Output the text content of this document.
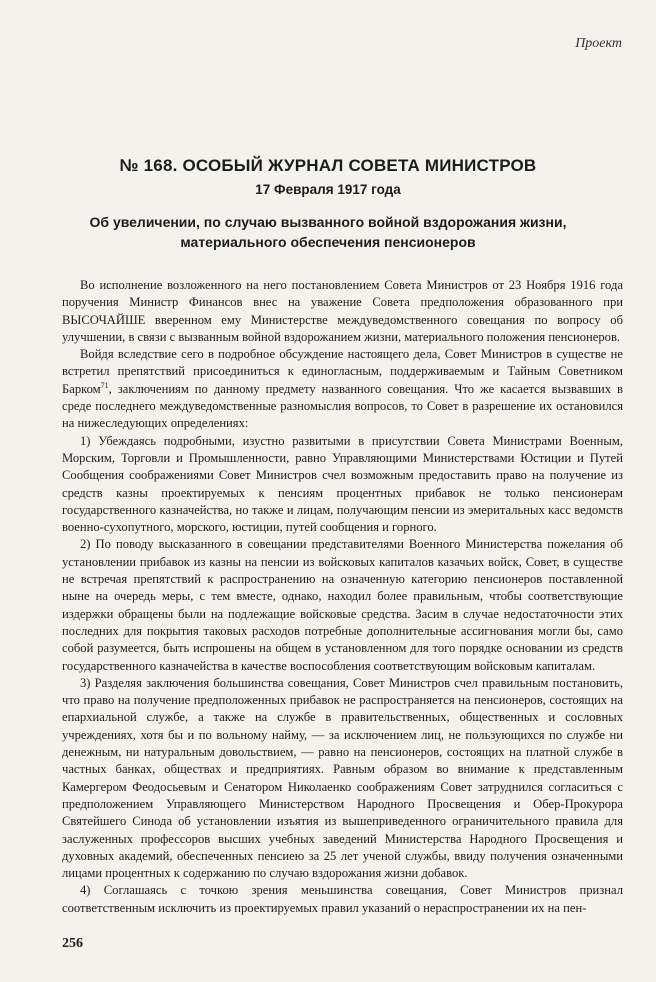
Проект
№ 168. ОСОБЫЙ ЖУРНАЛ СОВЕТА МИНИСТРОВ
17 Февраля 1917 года
Об увеличении, по случаю вызванного войной вздорожания жизни,
материального обеспечения пенсионеров

Во исполнение возложенного на него постановлением Совета Министров от 23 Ноября 1916 года поручения Министр Финансов внес на уважение Совета предположения образованного при ВЫСОЧАЙШЕ вверенном ему Министерстве междуведомственного совещания по вопросу об улучшении, в связи с вызванным войной вздорожанием жизни, материального положения пенсионеров.

Войдя вследствие сего в подробное обсуждение настоящего дела, Совет Министров в существе не встретил препятствий присоединиться к единогласным, поддерживаемым и Тайным Советником Барком$^{71}$, заключениям по данному предмету названного совещания. Что же касается вызвавших в среде последнего междуведомственные разномыслия вопросов, то Совет в разрешение их остановился на нижеследующих определениях:

1) Убеждаясь подробными, изустно развитыми в присутствии Совета Министрами Военным, Морским, Торговли и Промышленности, равно Управляющими Министерствами Юстиции и Путей Сообщения соображениями Совет Министров счел возможным предоставить право на получение из средств казны проектируемых к пенсиям процентных прибавок не только пенсионерам государственного казначейства, но также и лицам, получающим пенсии из эмеритальных касс ведомств военно-сухопутного, морского, юстиции, путей сообщения и горного.

2) По поводу высказанного в совещании представителями Военного Министерства пожелания об установлении прибавок из казны на пенсии из войсковых капиталов казачьих войск, Совет, в существе не встречая препятствий к распространению на означенную категорию пенсионеров поставленной ныне на очередь меры, с тем вместе, однако, находил более правильным, чтобы соответствующие издержки обращены были на подлежащие войсковые средства. Засим в случае недостаточности этих последних для покрытия таковых расходов потребные дополнительные ассигнования могли бы, само собой разумеется, быть испрошены на общем в установленном для того порядке основании из средств государственного казначейства в качестве воспособления соответствующим войсковым капиталам.

3) Разделяя заключения большинства совещания, Совет Министров счел правильным постановить, что право на получение предположенных прибавок не распространяется на пенсионеров, состоящих на епархиальной службе, а также на службе в правительственных, общественных и сословных учреждениях, хотя бы и по вольному найму, — за исключением лиц, не пользующихся по службе ни денежным, ни натуральным довольствием, — равно на пенсионеров, состоящих на платной службе в частных банках, обществах и предприятиях. Равным образом во внимание к представленным Камергером Феодосьевым и Сенатором Николаенко соображениям Совет затруднился согласиться с предположением Управляющего Министерством Народного Просвещения и Обер-Прокурора Святейшего Синода об установлении изъятия из вышеприведенного ограничительного правила для заслуженных профессоров высших учебных заведений Министерства Народного Просвещения и духовных академий, обеспеченных пенсиею за 25 лет ученой службы, ввиду получения означенными лицами процентных к содержанию по случаю вздорожания жизни добавок.

4) Соглашаясь с точкою зрения меньшинства совещания, Совет Министров признал соответственным исключить из проектируемых правил указаний о нераспространении их на пен-

256
